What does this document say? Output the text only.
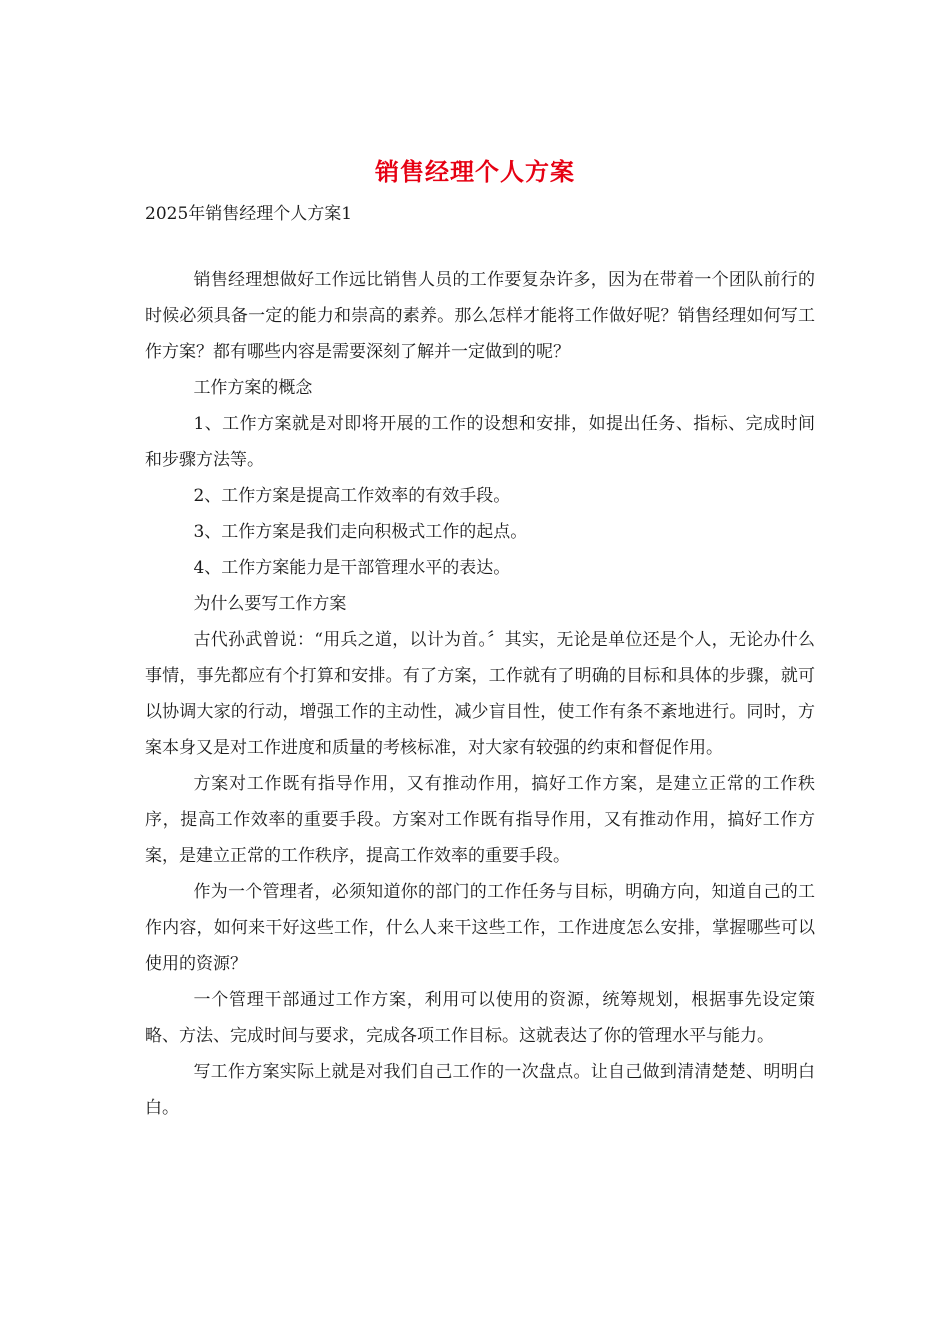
销售经理个人方案

2025年销售经理个人方案1

销售经理想做好工作远比销售人员的工作要复杂许多，因为在带着一个团队前行的时候必须具备一定的能力和崇高的素养。那么怎样才能将工作做好呢？销售经理如何写工作方案？都有哪些内容是需要深刻了解并一定做到的呢？

工作方案的概念

1、工作方案就是对即将开展的工作的设想和安排，如提出任务、指标、完成时间和步骤方法等。

2、工作方案是提高工作效率的有效手段。

3、工作方案是我们走向积极式工作的起点。

4、工作方案能力是干部管理水平的表达。

为什么要写工作方案

古代孙武曾说：“用兵之道，以计为首。〞其实，无论是单位还是个人，无论办什么事情，事先都应有个打算和安排。有了方案，工作就有了明确的目标和具体的步骤，就可以协调大家的行动，增强工作的主动性，减少盲目性，使工作有条不紊地进行。同时，方案本身又是对工作进度和质量的考核标准，对大家有较强的约束和督促作用。

方案对工作既有指导作用，又有推动作用，搞好工作方案，是建立正常的工作秩序，提高工作效率的重要手段。方案对工作既有指导作用，又有推动作用，搞好工作方案，是建立正常的工作秩序，提高工作效率的重要手段。

作为一个管理者，必须知道你的部门的工作任务与目标，明确方向，知道自己的工作内容，如何来干好这些工作，什么人来干这些工作，工作进度怎么安排，掌握哪些可以使用的资源？

一个管理干部通过工作方案，利用可以使用的资源，统筹规划，根据事先设定策略、方法、完成时间与要求，完成各项工作目标。这就表达了你的管理水平与能力。

写工作方案实际上就是对我们自己工作的一次盘点。让自己做到清清楚楚、明明白白。
